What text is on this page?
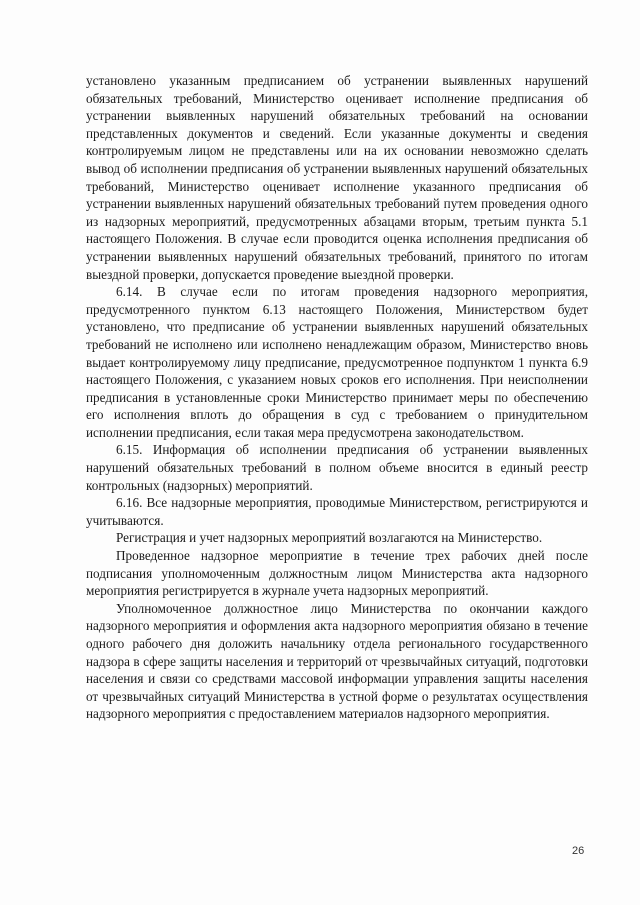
установлено указанным предписанием об устранении выявленных нарушений обязательных требований, Министерство оценивает исполнение предписания об устранении выявленных нарушений обязательных требований на основании представленных документов и сведений. Если указанные документы и сведения контролируемым лицом не представлены или на их основании невозможно сделать вывод об исполнении предписания об устранении выявленных нарушений обязательных требований, Министерство оценивает исполнение указанного предписания об устранении выявленных нарушений обязательных требований путем проведения одного из надзорных мероприятий, предусмотренных абзацами вторым, третьим пункта 5.1 настоящего Положения. В случае если проводится оценка исполнения предписания об устранении выявленных нарушений обязательных требований, принятого по итогам выездной проверки, допускается проведение выездной проверки.

6.14. В случае если по итогам проведения надзорного мероприятия, предусмотренного пунктом 6.13 настоящего Положения, Министерством будет установлено, что предписание об устранении выявленных нарушений обязательных требований не исполнено или исполнено ненадлежащим образом, Министерство вновь выдает контролируемому лицу предписание, предусмотренное подпунктом 1 пункта 6.9 настоящего Положения, с указанием новых сроков его исполнения. При неисполнении предписания в установленные сроки Министерство принимает меры по обеспечению его исполнения вплоть до обращения в суд с требованием о принудительном исполнении предписания, если такая мера предусмотрена законодательством.

6.15. Информация об исполнении предписания об устранении выявленных нарушений обязательных требований в полном объеме вносится в единый реестр контрольных (надзорных) мероприятий.

6.16. Все надзорные мероприятия, проводимые Министерством, регистрируются и учитываются.

Регистрация и учет надзорных мероприятий возлагаются на Министерство.

Проведенное надзорное мероприятие в течение трех рабочих дней после подписания уполномоченным должностным лицом Министерства акта надзорного мероприятия регистрируется в журнале учета надзорных мероприятий.

Уполномоченное должностное лицо Министерства по окончании каждого надзорного мероприятия и оформления акта надзорного мероприятия обязано в течение одного рабочего дня доложить начальнику отдела регионального государственного надзора в сфере защиты населения и территорий от чрезвычайных ситуаций, подготовки населения и связи со средствами массовой информации управления защиты населения от чрезвычайных ситуаций Министерства в устной форме о результатах осуществления надзорного мероприятия с предоставлением материалов надзорного мероприятия.

26
